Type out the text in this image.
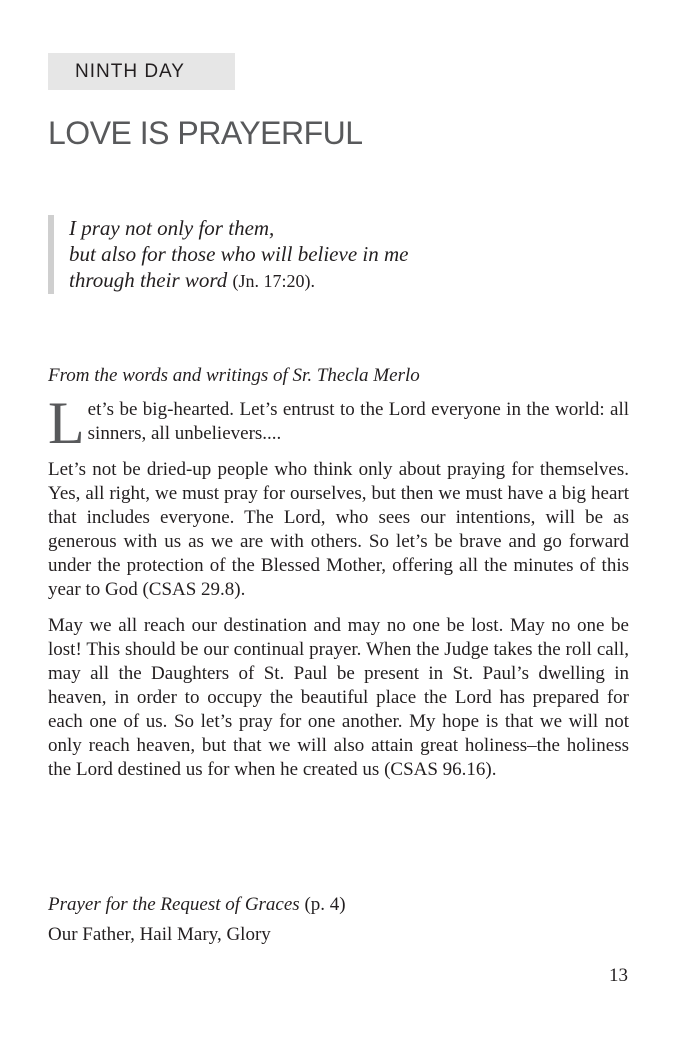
NINTH DAY
LOVE IS PRAYERFUL
I pray not only for them,
but also for those who will believe in me
through their word (Jn. 17:20).
From the words and writings of Sr. Thecla Merlo

Let’s be big-hearted. Let’s entrust to the Lord everyone in the world: all sinners, all unbelievers....

Let’s not be dried-up people who think only about praying for themselves. Yes, all right, we must pray for ourselves, but then we must have a big heart that includes everyone. The Lord, who sees our intentions, will be as generous with us as we are with others. So let’s be brave and go forward under the protection of the Blessed Mother, offering all the minutes of this year to God (CSAS 29.8).

May we all reach our destination and may no one be lost. May no one be lost! This should be our continual prayer. When the Judge takes the roll call, may all the Daughters of St. Paul be present in St. Paul’s dwelling in heaven, in order to occupy the beautiful place the Lord has prepared for each one of us. So let’s pray for one another. My hope is that we will not only reach heaven, but that we will also attain great holiness–the holiness the Lord destined us for when he created us (CSAS 96.16).

Prayer for the Request of Graces (p. 4)
Our Father, Hail Mary, Glory
13
